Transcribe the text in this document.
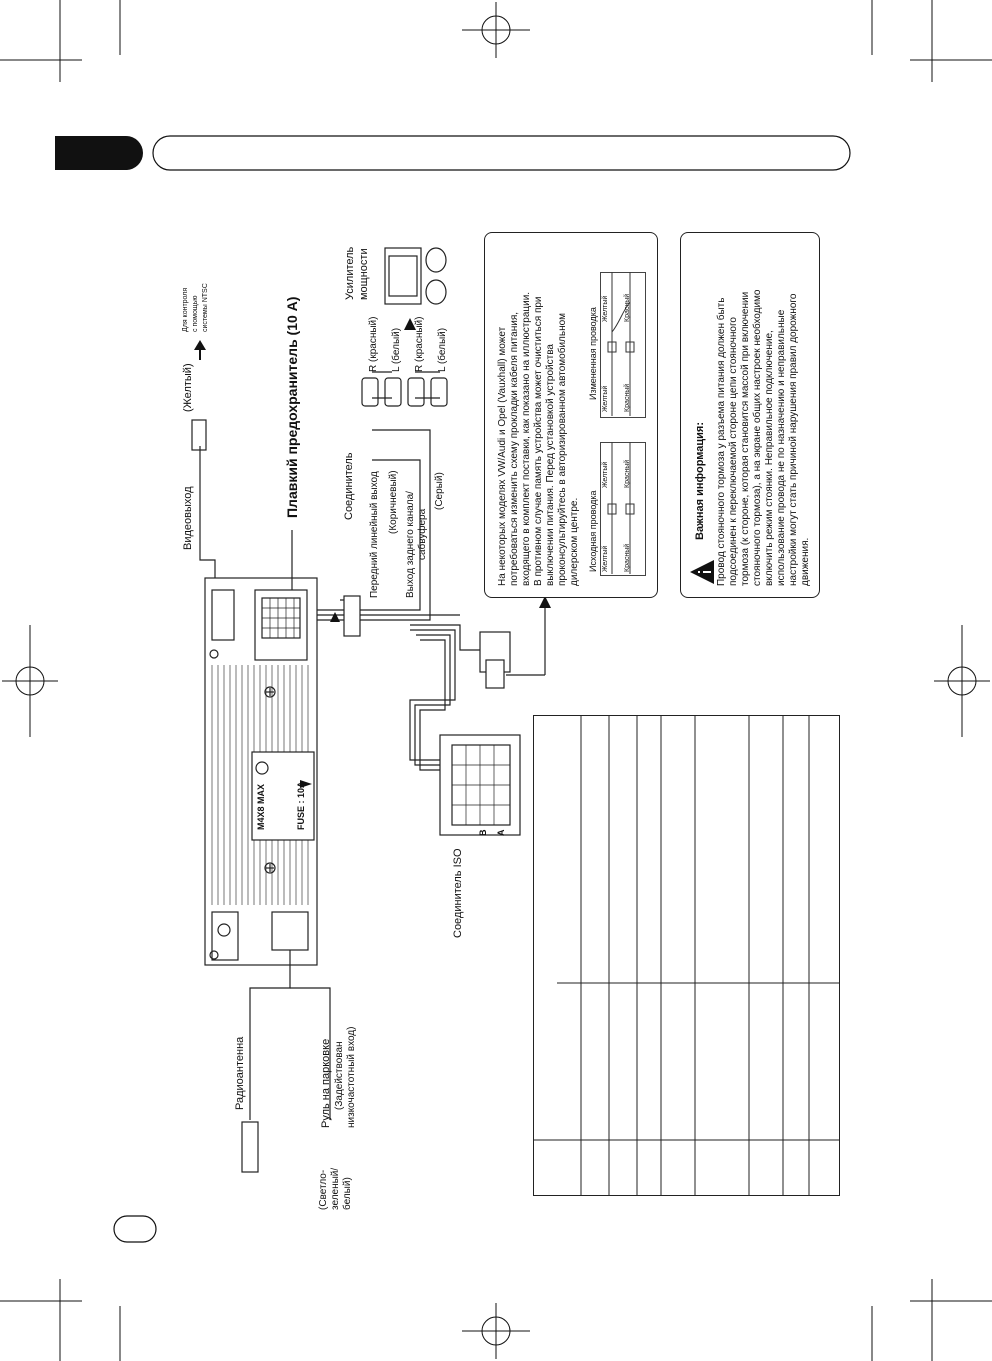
Видеовыход
(Желтый)
Для контроля с помощью системы NTSC	Плавкий предохранитель (10 А)	Соединитель Передний линейный выход (Коричневый) Выход заднего канала/ сабвуфера
(Серый)
R (красный) L (белый) R (красный) L (белый)
Усилитель мощности
Радиоантенна	Руль на парковке (Задействован низкочастотный вход)
(Светло- зеленый/ белый)
Соединитель ISO
A
B
M4X8 MAX	FUSE : 10A
На некоторых моделях VW/Audi и Opel (Vauxhall) может потребоваться изменить схему прокладки кабеля питания, входящего в комплект поставки, как показано на иллюстрации. В противном случае память устройства может очиститься при выключении питания. Перед установкой устройства проконсультируйтесь в авторизированном автомобильном дилерском центре. Исходная проводка
Измененная проводка
Желтый Красный
Желтый Красный
Желтый Красный
Желтый Красный
Важная информация: Провод стояночного тормоза у разъема питания должен быть подсоединен к переключаемой стороне цепи стояночного тормоза (к стороне, которая становится массой при включении стояночного тормоза), а на экране общих настроек необходимо включить режим стоянки. Неправильное подключение, использование провода не по назначению и неправильные настройки могут стать причиной нарушения правил дорожного движения.
